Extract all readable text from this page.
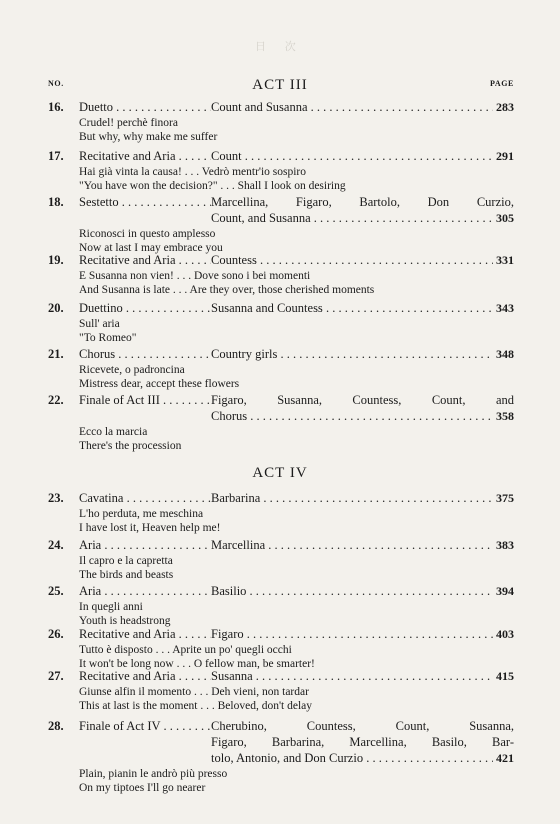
日 次
NO.	PAGE
ACT III
16.	Duetto . . .	Count and Susanna . . .	283
Crudel! perchè finora
But why, why make me suffer
17.	Recitative and Aria . . .	Count . . .	291
Hai già vinta la causa! . . . Vedrò mentr'io sospiro
"You have won the decision?" . . . Shall I look on desiring
18.	Sestetto . . .	Marcellina, Figaro, Bartolo, Don Curzio,
Count, and Susanna . . .	305
Riconosci in questo amplesso
Now at last I may embrace you
19.	Recitative and Aria . . .	Countess . . .	331
E Susanna non vien! . . . Dove sono i bei momenti
And Susanna is late . . . Are they over, those cherished moments
20.	Duettino . . .	Susanna and Countess . . .	343
Sull' aria
"To Romeo"
21.	Chorus . . .	Country girls . . .	348
Ricevete, o padroncina
Mistress dear, accept these flowers
22.	Finale of Act III . . .	Figaro, Susanna, Countess, Count, and
Chorus . . .	358
Ecco la marcia
There's the procession
ACT IV
23.	Cavatina . . .	Barbarina . . .	375
L'ho perduta, me meschina
I have lost it, Heaven help me!
24.	Aria . . .	Marcellina . . .	383
Il capro e la capretta
The birds and beasts
25.	Aria . . .	Basilio . . .	394
In quegli anni
Youth is headstrong
26.	Recitative and Aria . . .	Figaro . . .	403
Tutto è disposto . . . Aprite un po' quegli occhi
It won't be long now . . . O fellow man, be smarter!
27.	Recitative and Aria . . .	Susanna . . .	415
Giunse alfin il momento . . . Deh vieni, non tardar
This at last is the moment . . . Beloved, don't delay
28.	Finale of Act IV . . .	Cherubino, Countess, Count, Susanna,
Figaro, Barbarina, Marcellina, Basilo, Bar-
tolo, Antonio, and Don Curzio . . .	421
Plain, pianin le andrò più presso
On my tiptoes I'll go nearer
